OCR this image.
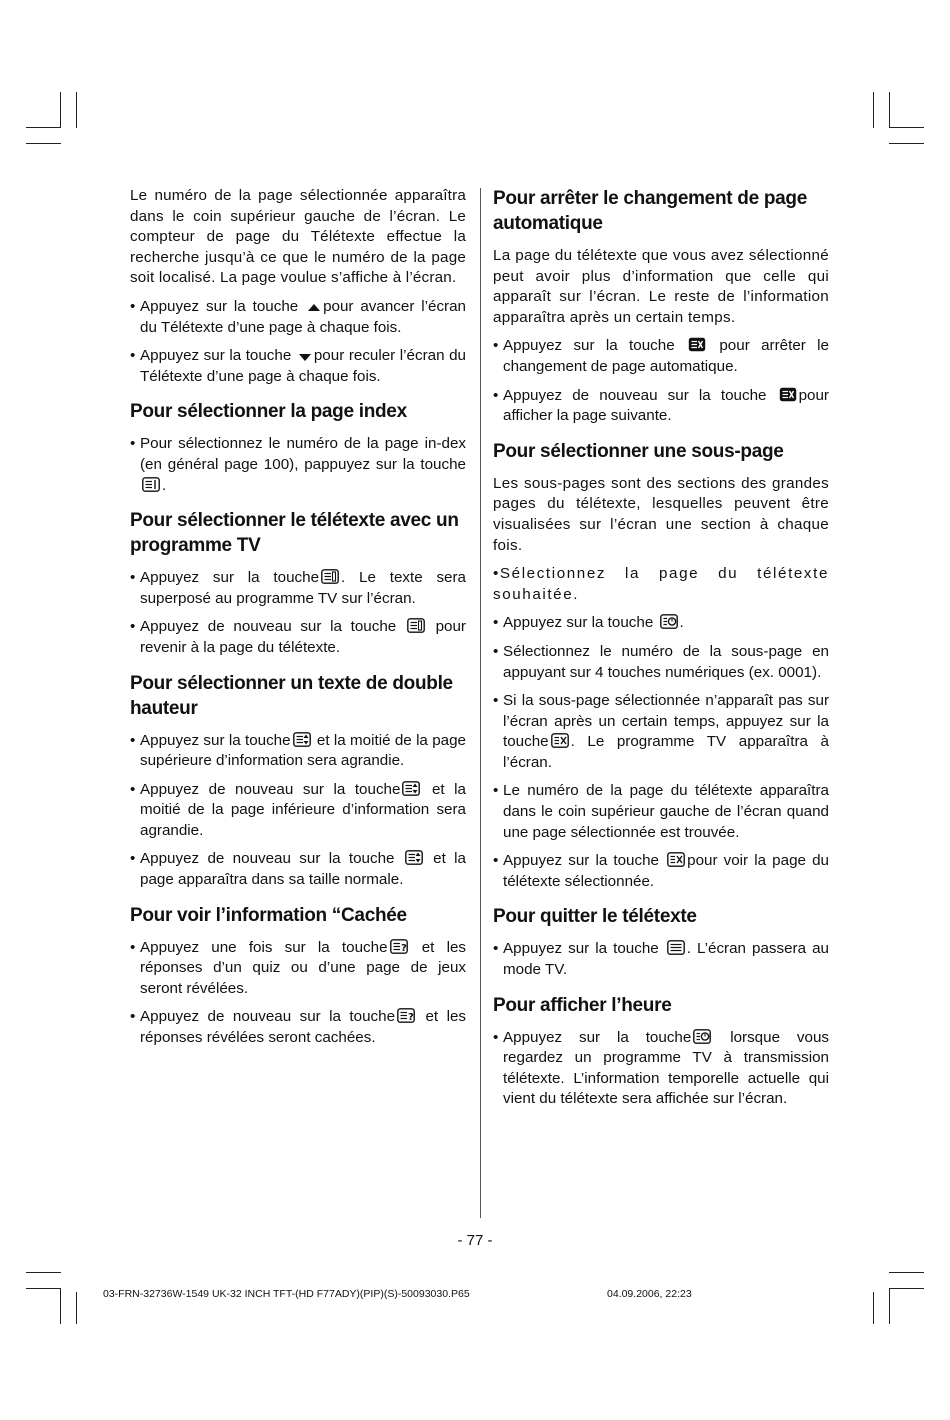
Le numéro de la page sélectionnée apparaîtra dans le coin supérieur gauche de l’écran. Le compteur de page du Télétexte effectue la recherche jusqu’à ce que le numéro de la page soit localisé. La page voulue s’affiche à l’écran.

• Appuyez sur la touche
pour avancer l’écran du Télétexte d’une page à chaque fois.
• Appuyez sur la touche
pour reculer l’écran du Télétexte d’une page à chaque fois.
Pour sélectionner la page index
• Pour sélectionnez le numéro de la page in-dex (en général page 100), pappuyez sur la touche
.
Pour sélectionner le télétexte avec un programme TV
• Appuyez sur la touche . Le texte sera superposé au programme TV sur l’écran.
• Appuyez de nouveau sur la touche
pour revenir à la page du télétexte.
Pour sélectionner un texte de double hauteur
• Appuyez sur la touche
et la moitié de la page supérieure d’information sera agrandie.
• Appuyez de nouveau sur la touche
et la moitié de la page inférieure d’information sera agrandie.
• Appuyez de nouveau sur la touche
et la page apparaîtra dans sa taille normale.
Pour voir l’information “Cachée
• Appuyez une fois sur la touche ? et les réponses d’un quiz ou d’une page de jeux seront révélées.
• Appuyez de nouveau sur la touche ? et les réponses révélées seront cachées.
Pour arrêter le changement de page automatique

La page du télétexte que vous avez sélectionné peut avoir plus d’information que celle qui apparaît sur l’écran. Le reste de l’information apparaîtra après un certain temps.

• Appuyez sur la touche
pour arrêter le changement de page automatique.
• Appuyez de nouveau sur la touche
pour afficher la page suivante.
Pour sélectionner une sous-page

Les sous-pages sont des sections des grandes pages du télétexte, lesquelles peuvent être visualisées sur l’écran une section à chaque fois.

•Sélectionnez la page du télétexte souhaitée.

• Appuyez sur la touche
.
• Sélectionnez le numéro de la sous-page en appuyant sur 4 touches numériques (ex. 0001).
• Si la sous-page sélectionnée n’apparaît pas sur l’écran après un certain temps, appuyez sur la touche . Le programme TV apparaîtra à l’écran.
• Le numéro de la page du télétexte apparaîtra dans le coin supérieur gauche de l’écran quand une page sélectionnée est trouvée.
• Appuyez sur la touche
pour voir la page du télétexte sélectionnée.
Pour quitter le télétexte
• Appuyez sur la touche
. L’écran passera au mode TV.
Pour afficher l’heure
• Appuyez sur la touche
lorsque vous regardez un programme TV à transmission télétexte. L’information temporelle actuelle qui vient du télétexte sera affichée sur l’écran.
- 77 -
03-FRN-32736W-1549 UK-32 INCH TFT-(HD F77ADY)(PIP)(S)-50093030.P65	04.09.2006, 22:23
